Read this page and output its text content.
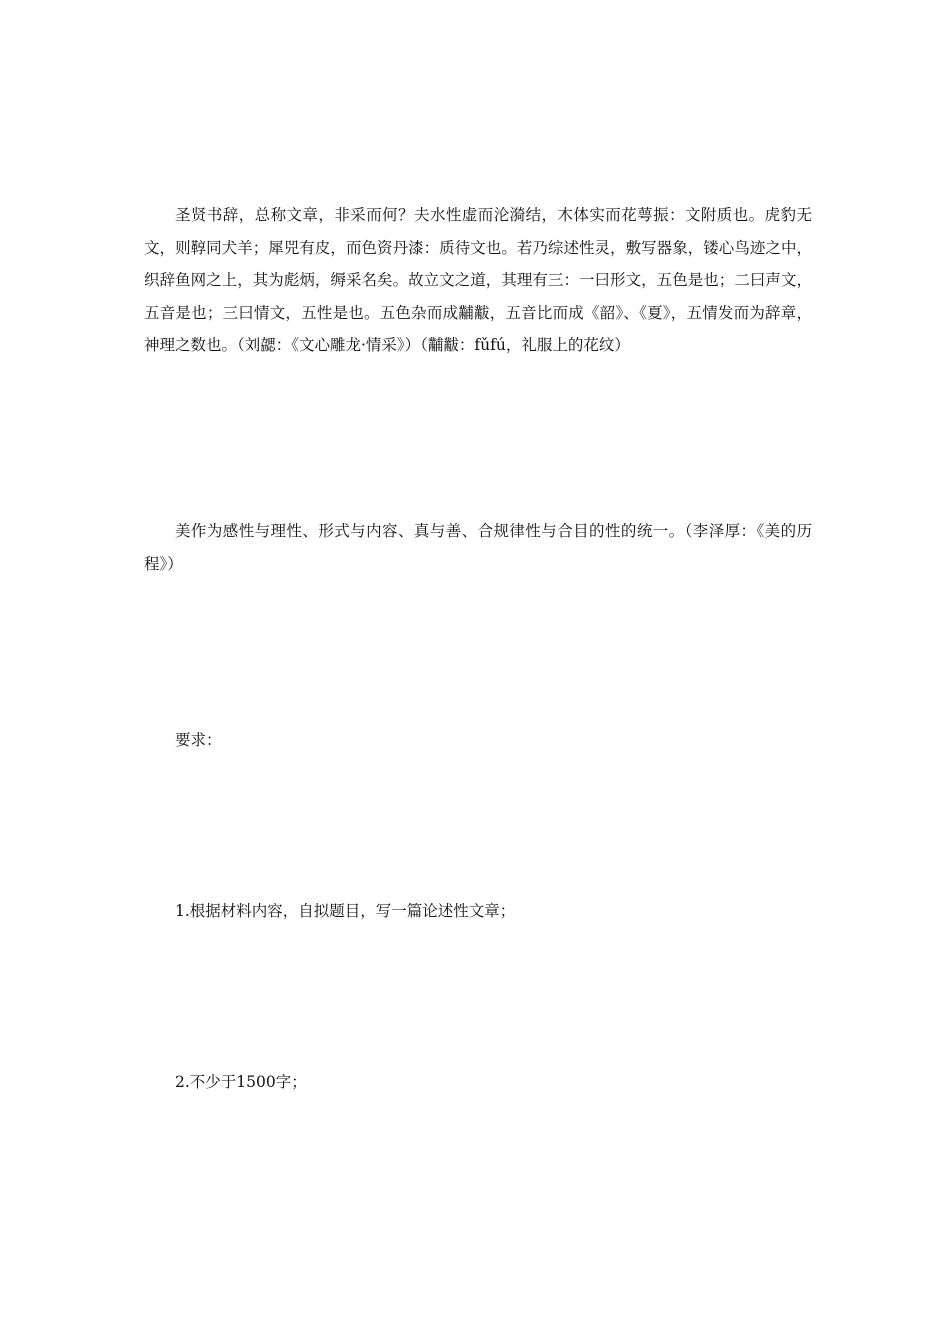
圣贤书辞，总称文章，非采而何？夫水性虚而沦漪结，木体实而花萼振：文附质也。虎豹无文，则鞟同犬羊；犀兕有皮，而色资丹漆：质待文也。若乃综述性灵，敷写器象，镂心鸟迹之中，织辞鱼网之上，其为彪炳，缛采名矣。故立文之道，其理有三：一曰形文，五色是也；二曰声文，五音是也；三曰情文，五性是也。五色杂而成黼黻，五音比而成《韶》、《夏》，五情发而为辞章，神理之数也。（刘勰：《文心雕龙·情采》）（黼黻：fǔfú，礼服上的花纹）

美作为感性与理性、形式与内容、真与善、合规律性与合目的性的统一。（李泽厚：《美的历程》）

要求：

1.根据材料内容，自拟题目，写一篇论述性文章；

2.不少于1500字；
